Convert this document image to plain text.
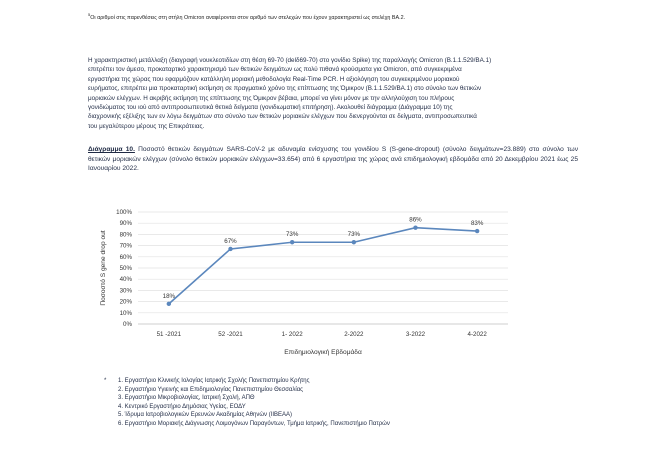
$^5$Οι αριθμοί στις παρενθέσεις στη στήλη Omicron αναφέρονται στον αριθμό των στελεχών που έχουν χαρακτηριστεί ως στελέχη ΒΑ.2.

Η χαρακτηριστική μετάλλαξη (διαγραφή νουκλεοτιδίων στη θέση 69-70 (delδ69-70) στο γονίδιο Spike) της παραλλαγής Omicron (Β.1.1.529/ΒΑ.1)

επιτρέπει τον άμεσο, προκαταρτικό χαρακτηρισμό των θετικών δειγμάτων ως πολύ πιθανά κρούσματα για Omicron, από συγκεκριμένα

εργαστήρια της χώρας που εφαρμόζουν κατάλληλη μοριακή μεθοδολογία Real-Time PCR. Η αξιολόγηση του συγκεκριμένου μοριακού

ευρήματος, επιτρέπει μια προκαταρτική εκτίμηση σε πραγματικό χρόνο της επίπτωσης της Όμικρον (Β.1.1.529/ΒΑ.1) στο σύνολο των θετικών

μοριακών ελέγχων. Η ακριβής εκτίμηση της επίπτωσης της Όμικρον βέβαια, μπορεί να γίνει μόνον με την αλληλούχιση του πλήρους

γονιδιώματος του ιού από αντιπροσωπευτικά θετικά δείγματα (γονιδιωματική επιτήρηση). Ακολουθεί διάγραμμα (Διάγραμμα 10) της

διαχρονικής εξέλιξης των εν λόγω δειγμάτων στο σύνολο των θετικών μοριακών ελέγχων που διενεργούνται σε δείγματα, αντιπροσωπευτικά

του μεγαλύτερου μέρους της Επικράτειας.

Διάγραμμα 10. Ποσοστό θετικών δειγμάτων SARS-CoV-2 με αδυναμία ενίσχυσης του γονιδίου S (S-gene-dropout) (σύνολο δειγμάτων=23.889) στο σύνολο των θετικών μοριακών ελέγχων (σύνολο θετικών μοριακών ελέγχων=33.654) από 6 εργαστήρια της χώρας ανά επιδημιολογική εβδομάδα από 20 Δεκεμβρίου 2021 έως 25 Ιανουαρίου 2022.
0%
10%
20%
30%
40%
50%
60%
70%
80%
90%
100%
51 -2021	52 -2021	1- 2022	2-2022	3-2022	4-2022
18%
67%
73%	73%
86%	83%
Επιδημιολογική Εβδομάδα
Ποσοστό S gene drop out
* 1. Εργαστήριο Κλινικής Ιολογίας Ιατρικής Σχολής Πανεπιστημίου Κρήτης
2. Εργαστήριο Υγιεινής και Επιδημιολογίας Πανεπιστημίου Θεσσαλίας
3. Εργαστήριο Μικροβιολογίας, Ιατρική Σχολή, ΑΠΘ
4. Κεντρικό Εργαστήριο Δημόσιας Υγείας, ΕΟΔΥ
5. Ίδρυμα Ιατροβιολογικών Ερευνών Ακαδημίας Αθηνών (ΙΙΒΕΑΑ)
6. Εργαστήριο Μοριακής Διάγνωσης Λοιμογόνων Παραγόντων, Τμήμα Ιατρικής, Πανεπιστήμιο Πατρών
